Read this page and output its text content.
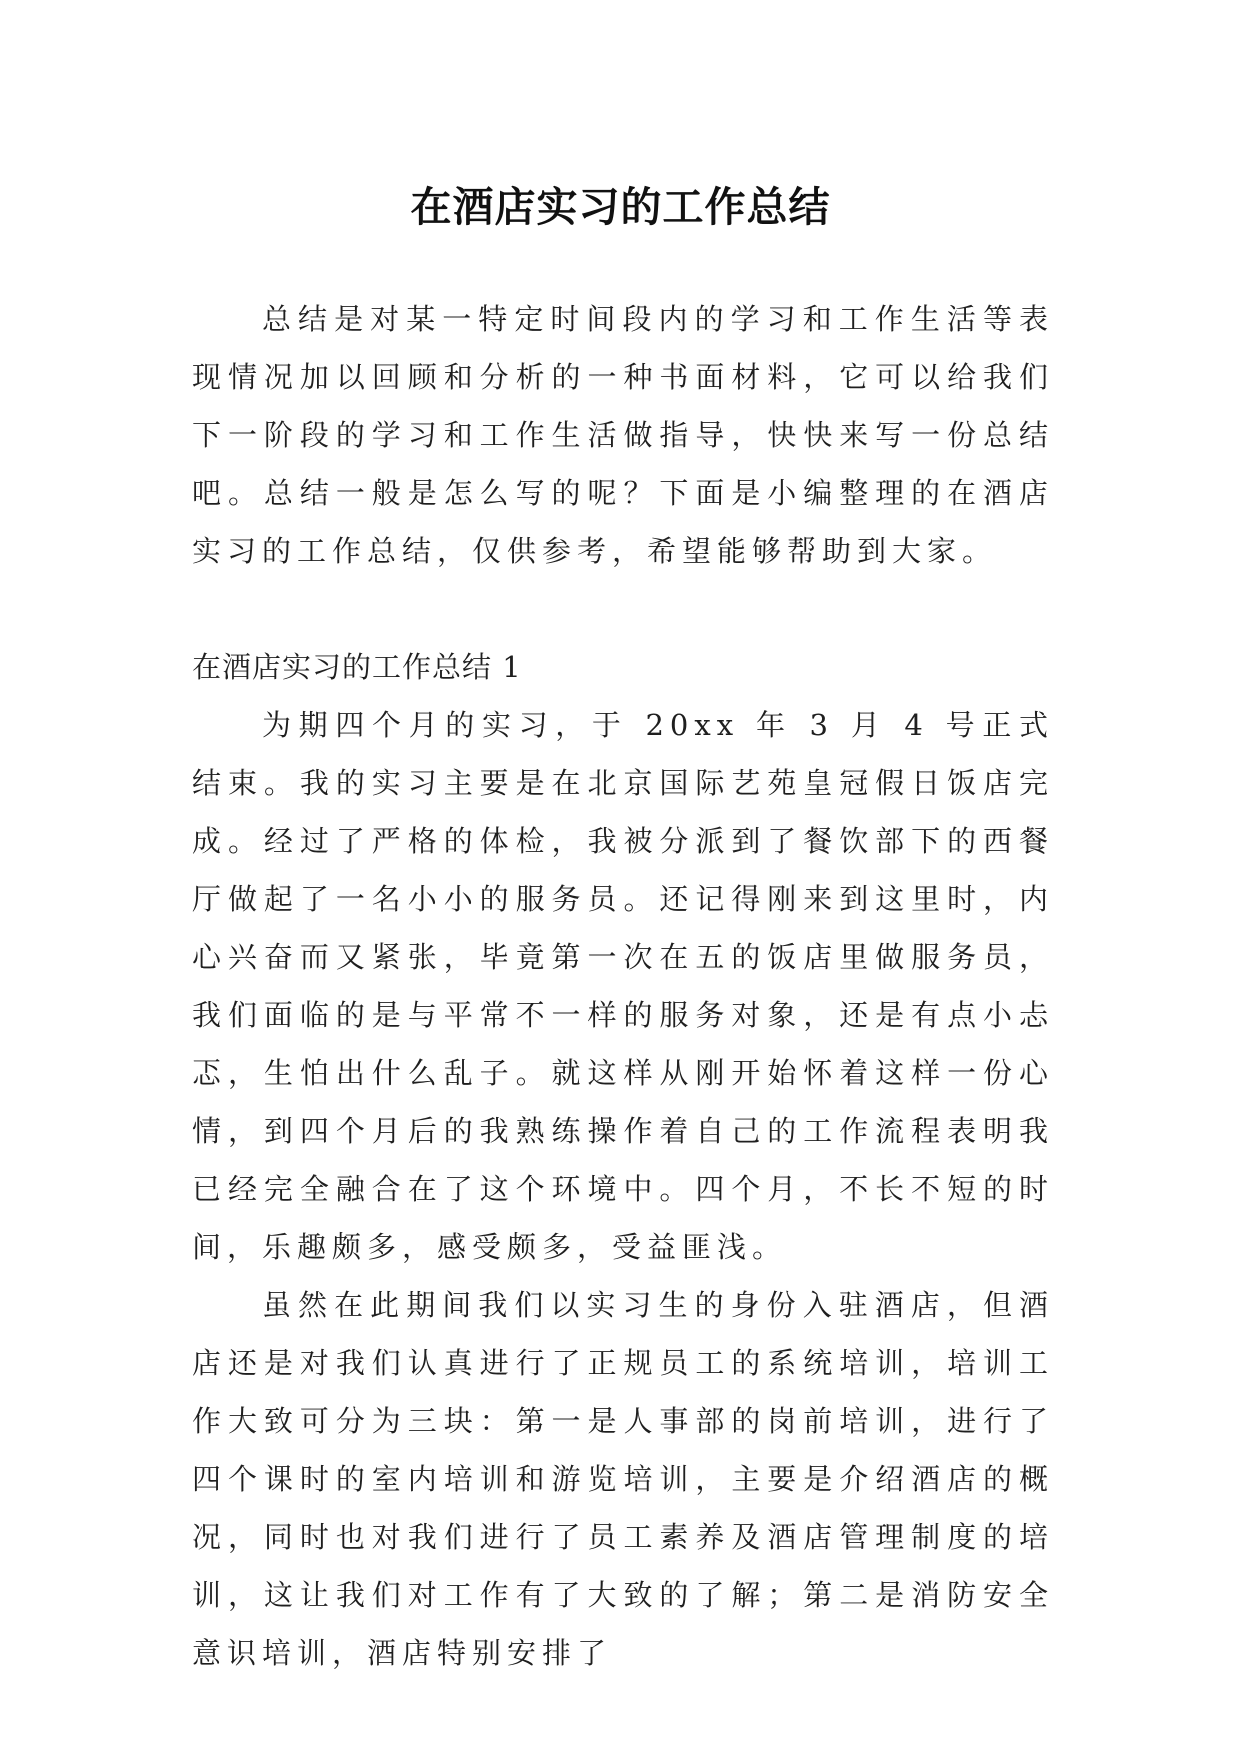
在酒店实习的工作总结

总结是对某一特定时间段内的学习和工作生活等表现情况加以回顾和分析的一种书面材料，它可以给我们下一阶段的学习和工作生活做指导，快快来写一份总结吧。总结一般是怎么写的呢？下面是小编整理的在酒店实习的工作总结，仅供参考，希望能够帮助到大家。

在酒店实习的工作总结 1

为期四个月的实习，于 20xx 年 3 月 4 号正式结束。我的实习主要是在北京国际艺苑皇冠假日饭店完成。经过了严格的体检，我被分派到了餐饮部下的西餐厅做起了一名小小的服务员。还记得刚来到这里时，内心兴奋而又紧张，毕竟第一次在五的饭店里做服务员，我们面临的是与平常不一样的服务对象，还是有点小忐忑，生怕出什么乱子。就这样从刚开始怀着这样一份心情，到四个月后的我熟练操作着自己的工作流程表明我已经完全融合在了这个环境中。四个月，不长不短的时间，乐趣颇多，感受颇多，受益匪浅。

虽然在此期间我们以实习生的身份入驻酒店，但酒店还是对我们认真进行了正规员工的系统培训，培训工作大致可分为三块：第一是人事部的岗前培训，进行了四个课时的室内培训和游览培训，主要是介绍酒店的概况，同时也对我们进行了员工素养及酒店管理制度的培训，这让我们对工作有了大致的了解；第二是消防安全意识培训，酒店特别安排了
